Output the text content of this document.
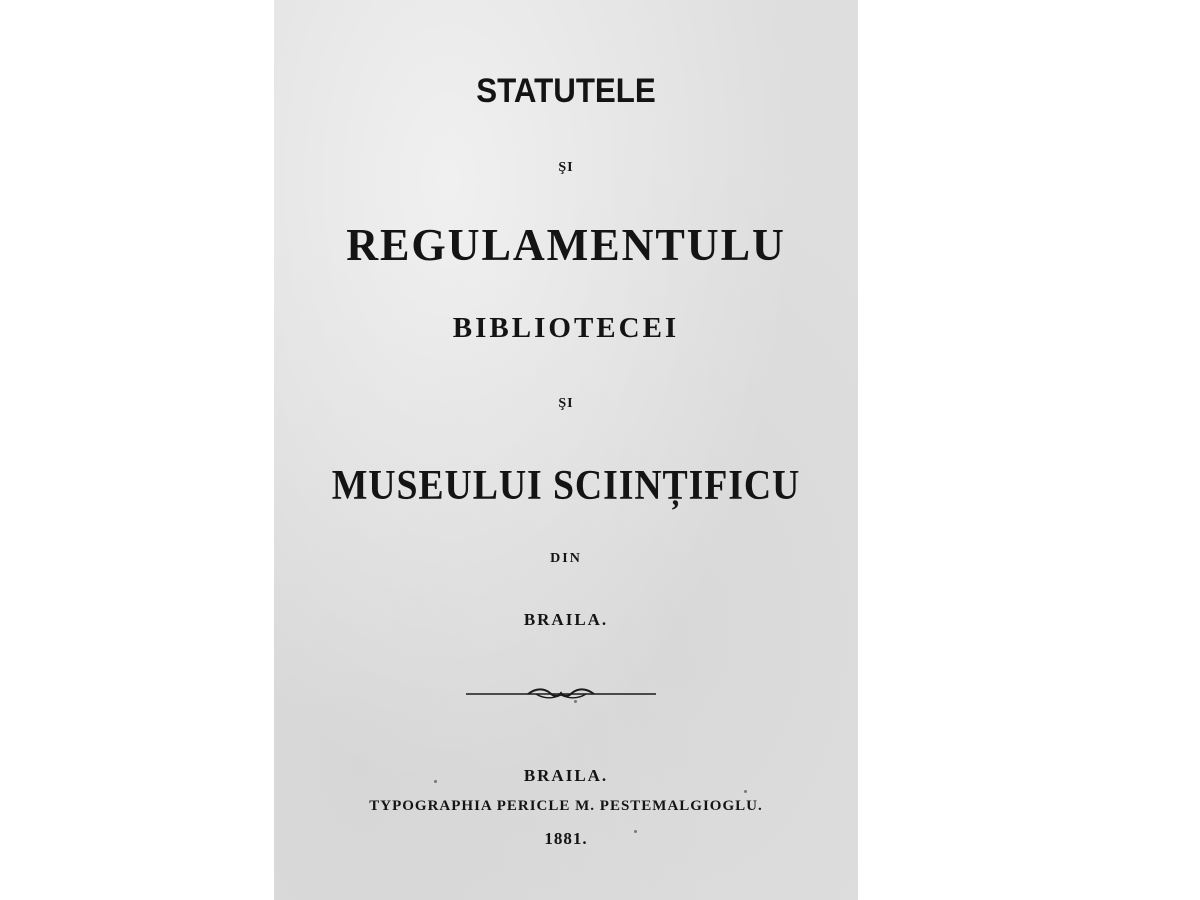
STATUTELE

ŞI

REGULAMENTULU

BIBLIOTECEI

ŞI

MUSEULUI SCIINȚIFICU

DIN

BRAILA.

BRAILA.

TYPOGRAPHIA PERICLE M. PESTEMALGIOGLU.

1881.
